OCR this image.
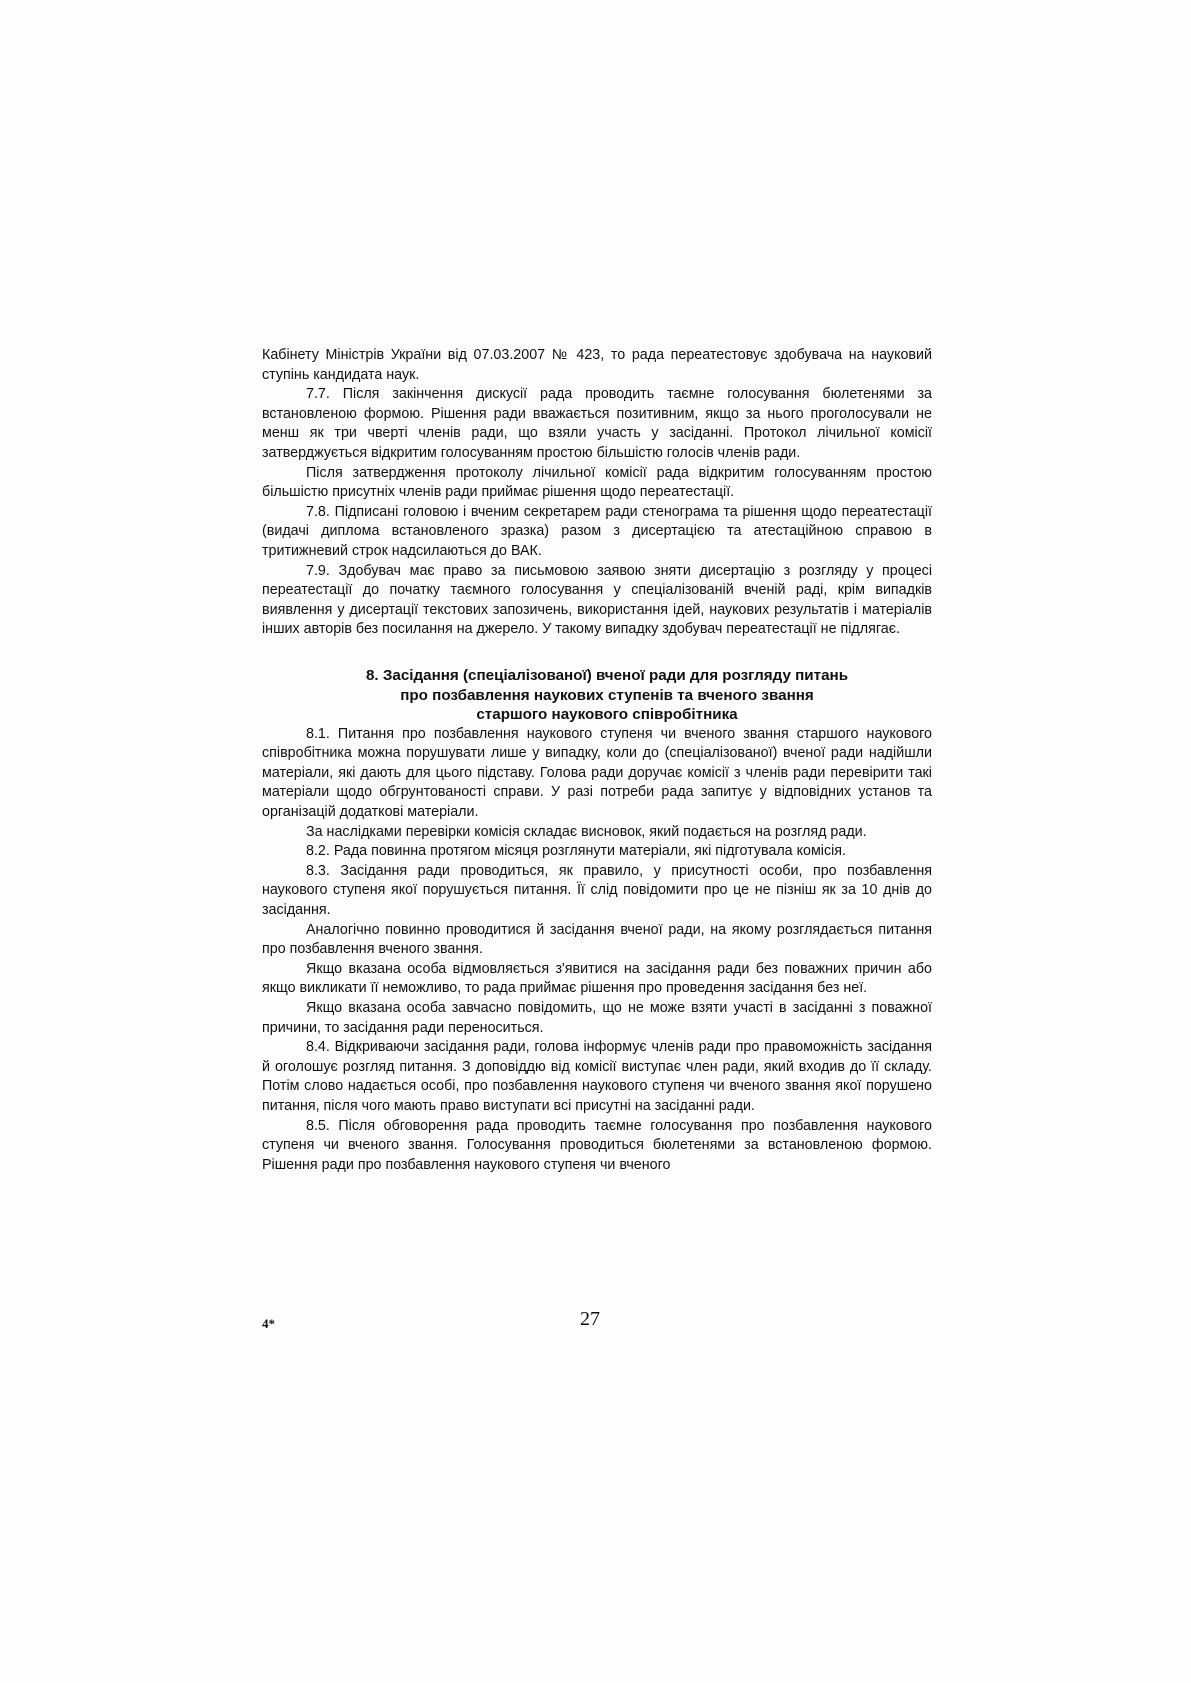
Кабінету Міністрів України від 07.03.2007 № 423, то рада переатестовує здобувача на науковий ступінь кандидата наук.

7.7. Після закінчення дискусії рада проводить таємне голосування бюлетенями за встановленою формою. Рішення ради вважається позитивним, якщо за нього проголосували не менш як три чверті членів ради, що взяли участь у засіданні. Протокол лічильної комісії затверджується відкритим голосуванням простою більшістю голосів членів ради.

Після затвердження протоколу лічильної комісії рада відкритим голосуванням простою більшістю присутніх членів ради приймає рішення щодо переатестації.

7.8. Підписані головою і вченим секретарем ради стенограма та рішення щодо переатестації (видачі диплома встановленого зразка) разом з дисертацією та атестаційною справою в тритижневий строк надсилаються до ВАК.

7.9. Здобувач має право за письмовою заявою зняти дисертацію з розгляду у процесі переатестації до початку таємного голосування у спеціалізованій вченій раді, крім випадків виявлення у дисертації текстових запозичень, використання ідей, наукових результатів і матеріалів інших авторів без посилання на джерело. У такому випадку здобувач переатестації не підлягає.

8. Засідання (спеціалізованої) вченої ради для розгляду питань
про позбавлення наукових ступенів та вченого звання
старшого наукового співробітника

8.1. Питання про позбавлення наукового ступеня чи вченого звання старшого наукового співробітника можна порушувати лише у випадку, коли до (спеціалізованої) вченої ради надійшли матеріали, які дають для цього підставу. Голова ради доручає комісії з членів ради перевірити такі матеріали щодо обгрунтованості справи. У разі потреби рада запитує у відповідних установ та організацій додаткові матеріали.

За наслідками перевірки комісія складає висновок, який подається на розгляд ради.

8.2. Рада повинна протягом місяця розглянути матеріали, які підготувала комісія.

8.3. Засідання ради проводиться, як правило, у присутності особи, про позбавлення наукового ступеня якої порушується питання. Її слід повідомити про це не пізніш як за 10 днів до засідання.

Аналогічно повинно проводитися й засідання вченої ради, на якому розглядається питання про позбавлення вченого звання.

Якщо вказана особа відмовляється з'явитися на засідання ради без поважних причин або якщо викликати її неможливо, то рада приймає рішення про проведення засідання без неї.

Якщо вказана особа завчасно повідомить, що не може взяти участі в засіданні з поважної причини, то засідання ради переноситься.

8.4. Відкриваючи засідання ради, голова інформує членів ради про правоможність засідання й оголошує розгляд питання. З доповіддю від комісії виступає член ради, який входив до її складу. Потім слово надається особі, про позбавлення наукового ступеня чи вченого звання якої порушено питання, після чого мають право виступати всі присутні на засіданні ради.

8.5. Після обговорення рада проводить таємне голосування про позбавлення наукового ступеня чи вченого звання. Голосування проводиться бюлетенями за встановленою формою. Рішення ради про позбавлення наукового ступеня чи вченого

4*	27
